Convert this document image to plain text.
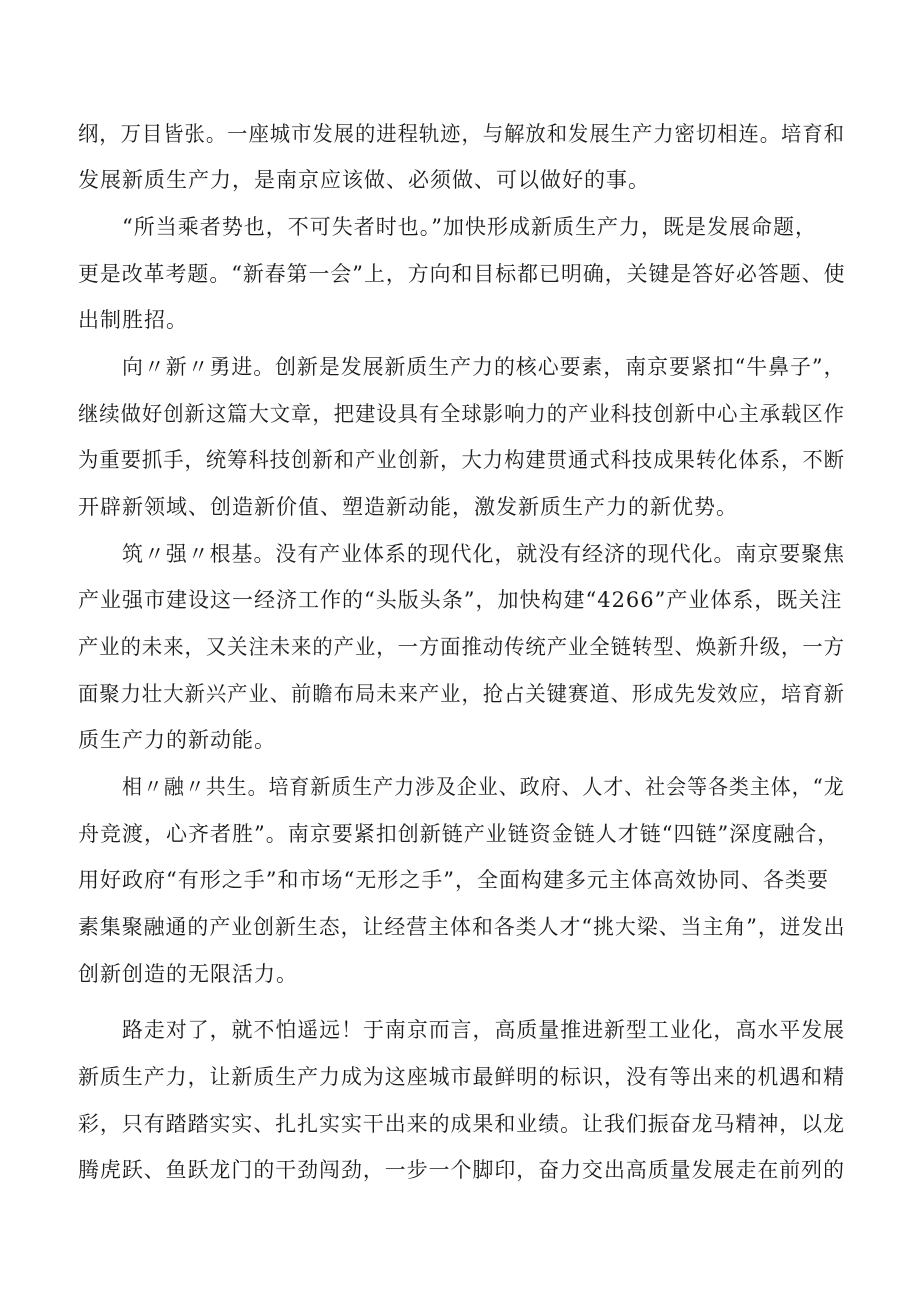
纲，万目皆张。一座城市发展的进程轨迹，与解放和发展生产力密切相连。培育和
发展新质生产力，是南京应该做、必须做、可以做好的事。
“所当乘者势也，不可失者时也。”加快形成新质生产力，既是发展命题，
更是改革考题。“新春第一会”上，方向和目标都已明确，关键是答好必答题、使
出制胜招。
向〃新〃勇进。创新是发展新质生产力的核心要素，南京要紧扣“牛鼻子”，
继续做好创新这篇大文章，把建设具有全球影响力的产业科技创新中心主承载区作
为重要抓手，统筹科技创新和产业创新，大力构建贯通式科技成果转化体系，不断
开辟新领域、创造新价值、塑造新动能，激发新质生产力的新优势。
筑〃强〃根基。没有产业体系的现代化，就没有经济的现代化。南京要聚焦
产业强市建设这一经济工作的“头版头条”，加快构建“4266”产业体系，既关注
产业的未来，又关注未来的产业，一方面推动传统产业全链转型、焕新升级，一方
面聚力壮大新兴产业、前瞻布局未来产业，抢占关键赛道、形成先发效应，培育新
质生产力的新动能。
相〃融〃共生。培育新质生产力涉及企业、政府、人才、社会等各类主体，“龙
舟竞渡，心齐者胜”。南京要紧扣创新链产业链资金链人才链“四链”深度融合，
用好政府“有形之手”和市场“无形之手”，全面构建多元主体高效协同、各类要
素集聚融通的产业创新生态，让经营主体和各类人才“挑大梁、当主角”，迸发出
创新创造的无限活力。
路走对了，就不怕遥远！于南京而言，高质量推进新型工业化，高水平发展
新质生产力，让新质生产力成为这座城市最鲜明的标识，没有等出来的机遇和精
彩，只有踏踏实实、扎扎实实干出来的成果和业绩。让我们振奋龙马精神，以龙
腾虎跃、鱼跃龙门的干劲闯劲，一步一个脚印，奋力交出高质量发展走在前列的
